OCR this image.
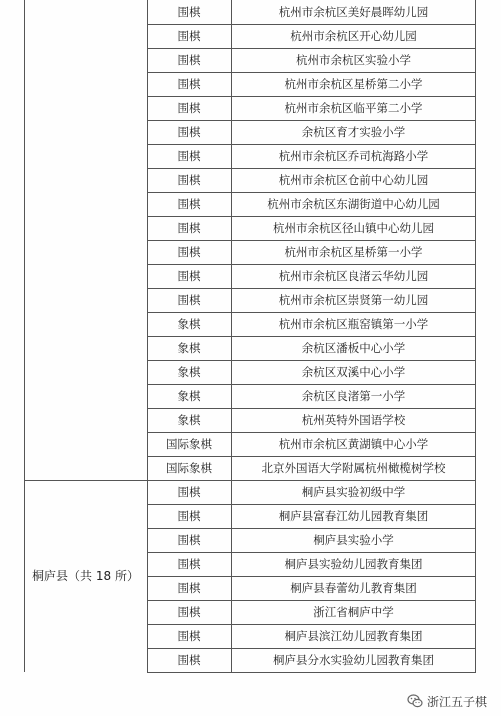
围棋	杭州市余杭区美好晨晖幼儿园
围棋	杭州市余杭区开心幼儿园
围棋	杭州市余杭区实验小学
围棋	杭州市余杭区星桥第二小学
围棋	杭州市余杭区临平第二小学
围棋	余杭区育才实验小学
围棋	杭州市余杭区乔司杭海路小学
围棋	杭州市余杭区仓前中心幼儿园
围棋	杭州市余杭区东湖街道中心幼儿园
围棋	杭州市余杭区径山镇中心幼儿园
围棋	杭州市余杭区星桥第一小学
围棋	杭州市余杭区良渚云华幼儿园
围棋	杭州市余杭区崇贤第一幼儿园
象棋	杭州市余杭区瓶窑镇第一小学
象棋	余杭区潘板中心小学
象棋	余杭区双溪中心小学
象棋	余杭区良渚第一小学
象棋	杭州英特外国语学校
国际象棋	杭州市余杭区黄湖镇中心小学
国际象棋	北京外国语大学附属杭州橄榄树学校
围棋	桐庐县实验初级中学
围棋	桐庐县富春江幼儿园教育集团
围棋	桐庐县实验小学
围棋	桐庐县实验幼儿园教育集团
围棋	桐庐县春蕾幼儿教育集团
围棋	浙江省桐庐中学
围棋	桐庐县滨江幼儿园教育集团
围棋	桐庐县分水实验幼儿园教育集团
桐庐县（共 18 所）
浙江五子棋
